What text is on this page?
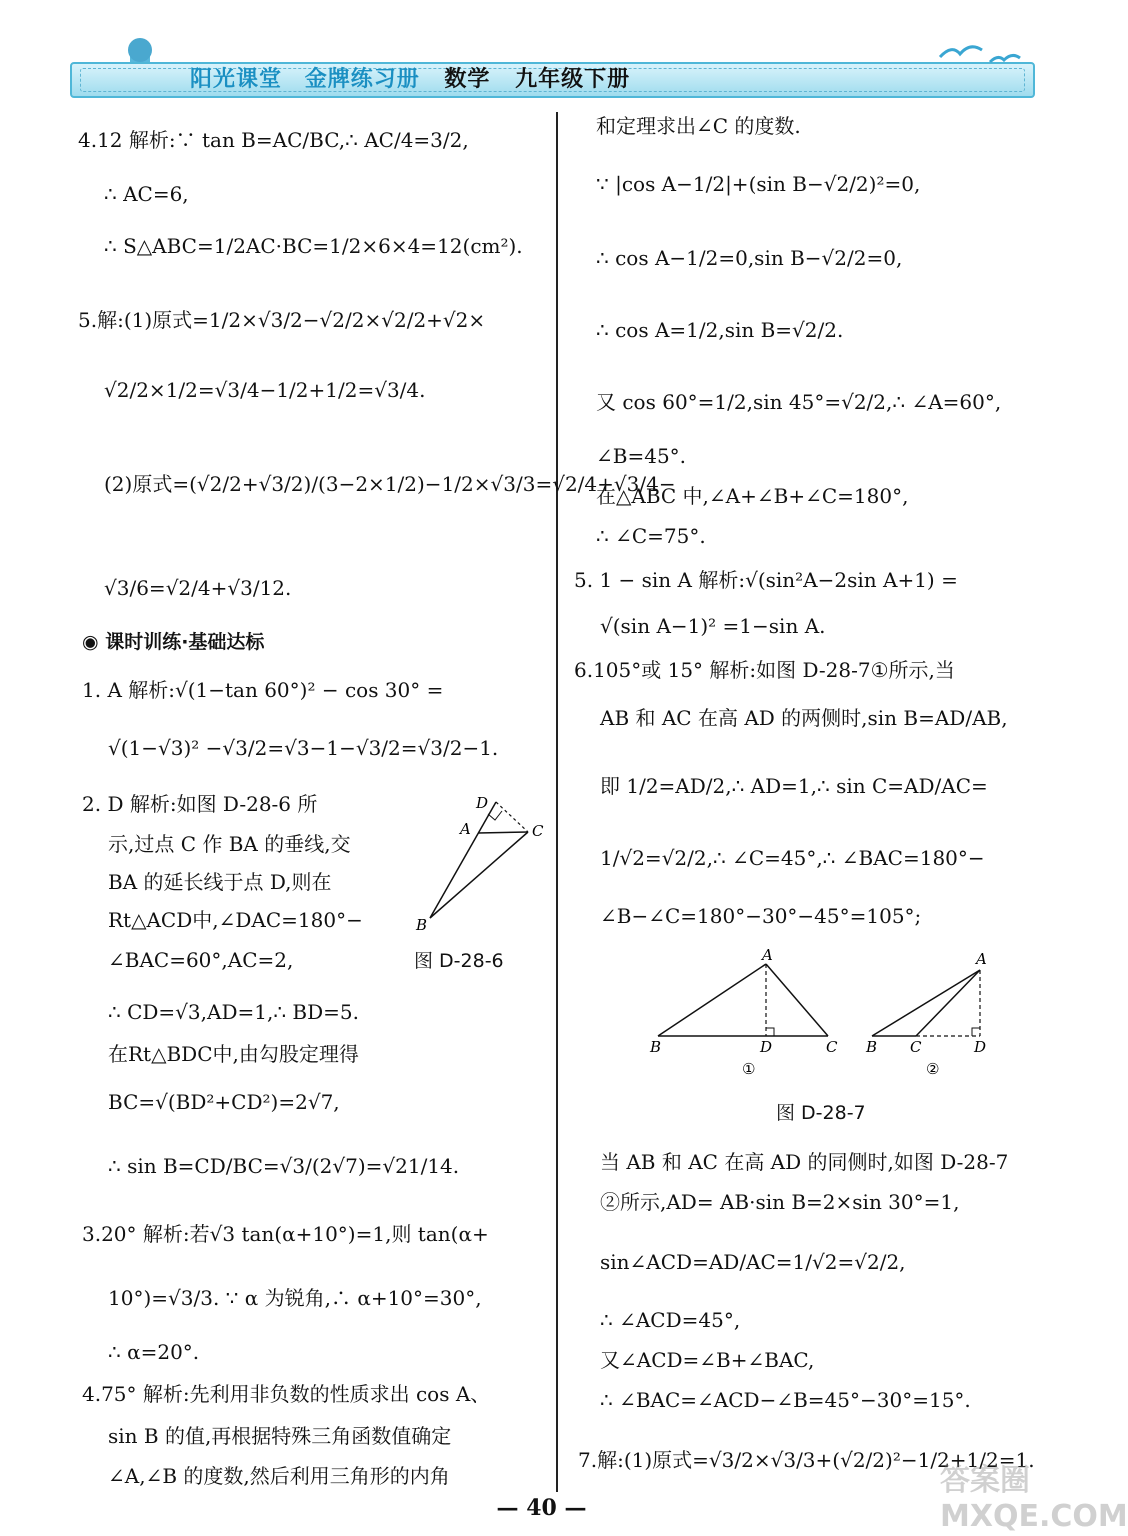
阳光课堂 金牌练习册 数学 九年级下册
4.12 解析:∵ tan B=AC/BC,∴ AC/4=3/2,
∴ AC=6,
∴ S△ABC=1/2AC·BC=1/2×6×4=12(cm²).
5.解:(1)原式=1/2×√3/2−√2/2×√2/2+√2×
√2/2×1/2=√3/4−1/2+1/2=√3/4.
(2)原式=(√2/2+√3/2)/(3−2×1/2)−1/2×√3/3=√2/4+√3/4−
√3/6=√2/4+√3/12.
◉ 课时训练·基础达标
1. A 解析:√(1−tan 60°)² − cos 30° =
√(1−√3)² −√3/2=√3−1−√3/2=√3/2−1.
2. D 解析:如图 D-28-6 所
示,过点 C 作 BA 的垂线,交
BA 的延长线于点 D,则在
Rt△ACD中,∠DAC=180°−
∠BAC=60°,AC=2,
∴ CD=√3,AD=1,∴ BD=5.
在Rt△BDC中,由勾股定理得
BC=√(BD²+CD²)=2√7,
∴ sin B=CD/BC=√3/(2√7)=√21/14.
3.20° 解析:若√3 tan(α+10°)=1,则 tan(α+
10°)=√3/3. ∵ α 为锐角,∴ α+10°=30°,
∴ α=20°.
4.75° 解析:先利用非负数的性质求出 cos A、
sin B 的值,再根据特殊三角函数值确定
∠A,∠B 的度数,然后利用三角形的内角
D
A	C
B
图 D-28-6
和定理求出∠C 的度数.
∵ |cos A−1/2|+(sin B−√2/2)²=0,
∴ cos A−1/2=0,sin B−√2/2=0,
∴ cos A=1/2,sin B=√2/2.
又 cos 60°=1/2,sin 45°=√2/2,∴ ∠A=60°,
∠B=45°.
在△ABC 中,∠A+∠B+∠C=180°,
∴ ∠C=75°.
5. 1 − sin A 解析:√(sin²A−2sin A+1) =
√(sin A−1)² =1−sin A.
6.105°或 15° 解析:如图 D-28-7①所示,当
AB 和 AC 在高 AD 的两侧时,sin B=AD/AB,
即 1/2=AD/2,∴ AD=1,∴ sin C=AD/AC=
1/√2=√2/2,∴ ∠C=45°,∴ ∠BAC=180°−
∠B−∠C=180°−30°−45°=105°;
A
B	D	C
①
A
B C	D
②
图 D-28-7
当 AB 和 AC 在高 AD 的同侧时,如图 D-28-7
②所示,AD= AB·sin B=2×sin 30°=1,
sin∠ACD=AD/AC=1/√2=√2/2,
∴ ∠ACD=45°,
又∠ACD=∠B+∠BAC,
∴ ∠BAC=∠ACD−∠B=45°−30°=15°.
7.解:(1)原式=√3/2×√3/3+(√2/2)²−1/2+1/2=1.
答案圈 MXQE.COM
— 40 —
